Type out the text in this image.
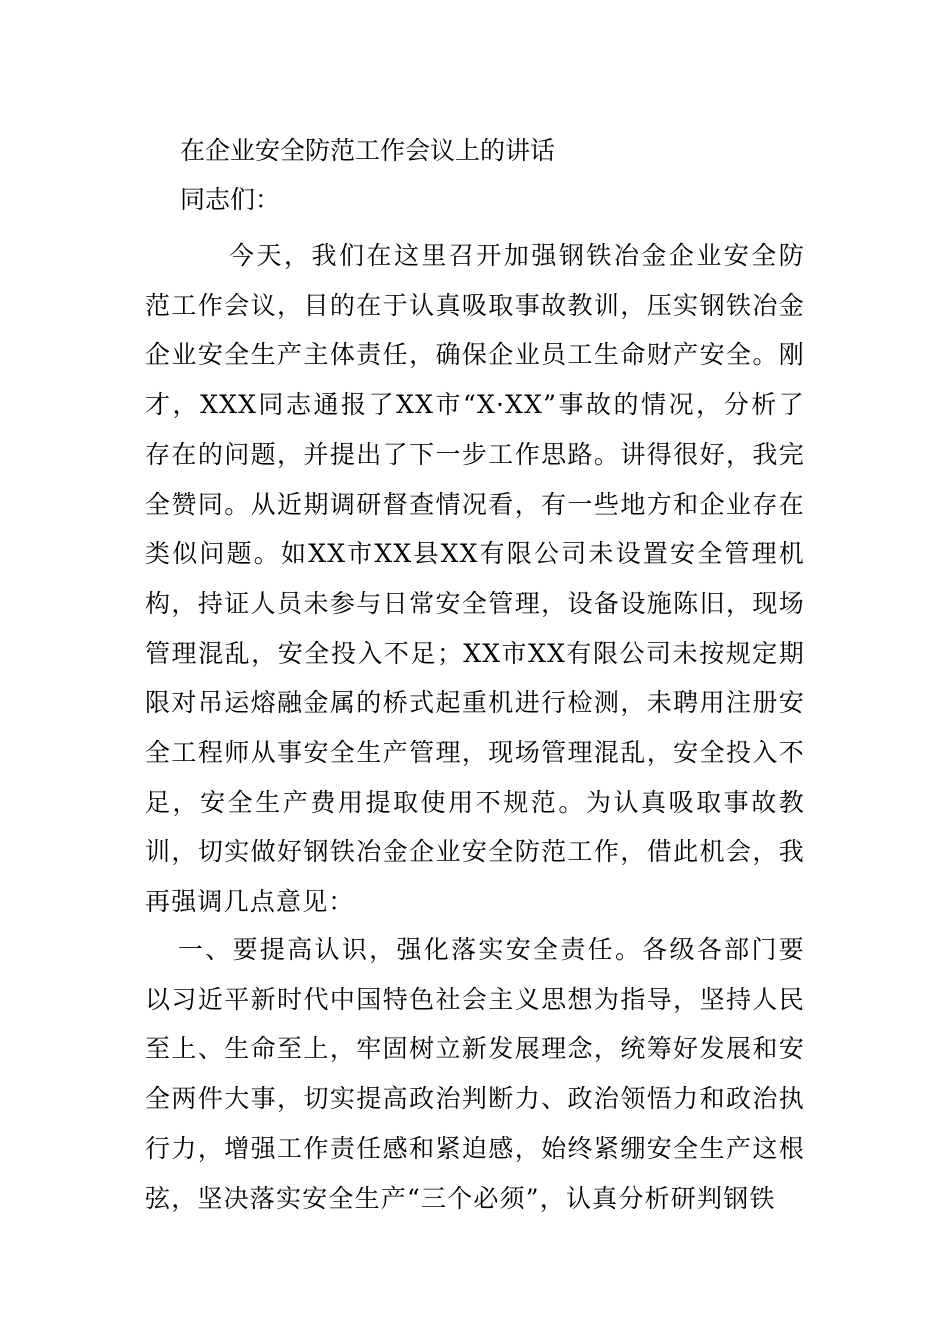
在企业安全防范工作会议上的讲话
同志们：

今天，我们在这里召开加强钢铁冶金企业安全防范工作会议，目的在于认真吸取事故教训，压实钢铁冶金企业安全生产主体责任，确保企业员工生命财产安全。刚才，XXX同志通报了XX市“X·XX”事故的情况，分析了存在的问题，并提出了下一步工作思路。讲得很好，我完全赞同。从近期调研督查情况看，有一些地方和企业存在类似问题。如XX市XX县XX有限公司未设置安全管理机构，持证人员未参与日常安全管理，设备设施陈旧，现场管理混乱，安全投入不足；XX市XX有限公司未按规定期限对吊运熔融金属的桥式起重机进行检测，未聘用注册安全工程师从事安全生产管理，现场管理混乱，安全投入不足，安全生产费用提取使用不规范。为认真吸取事故教训，切实做好钢铁冶金企业安全防范工作，借此机会，我再强调几点意见：

一、要提高认识，强化落实安全责任。各级各部门要以习近平新时代中国特色社会主义思想为指导，坚持人民至上、生命至上，牢固树立新发展理念，统筹好发展和安全两件大事，切实提高政治判断力、政治领悟力和政治执行力，增强工作责任感和紧迫感，始终紧绷安全生产这根弦，坚决落实安全生产“三个必须”，认真分析研判钢铁
